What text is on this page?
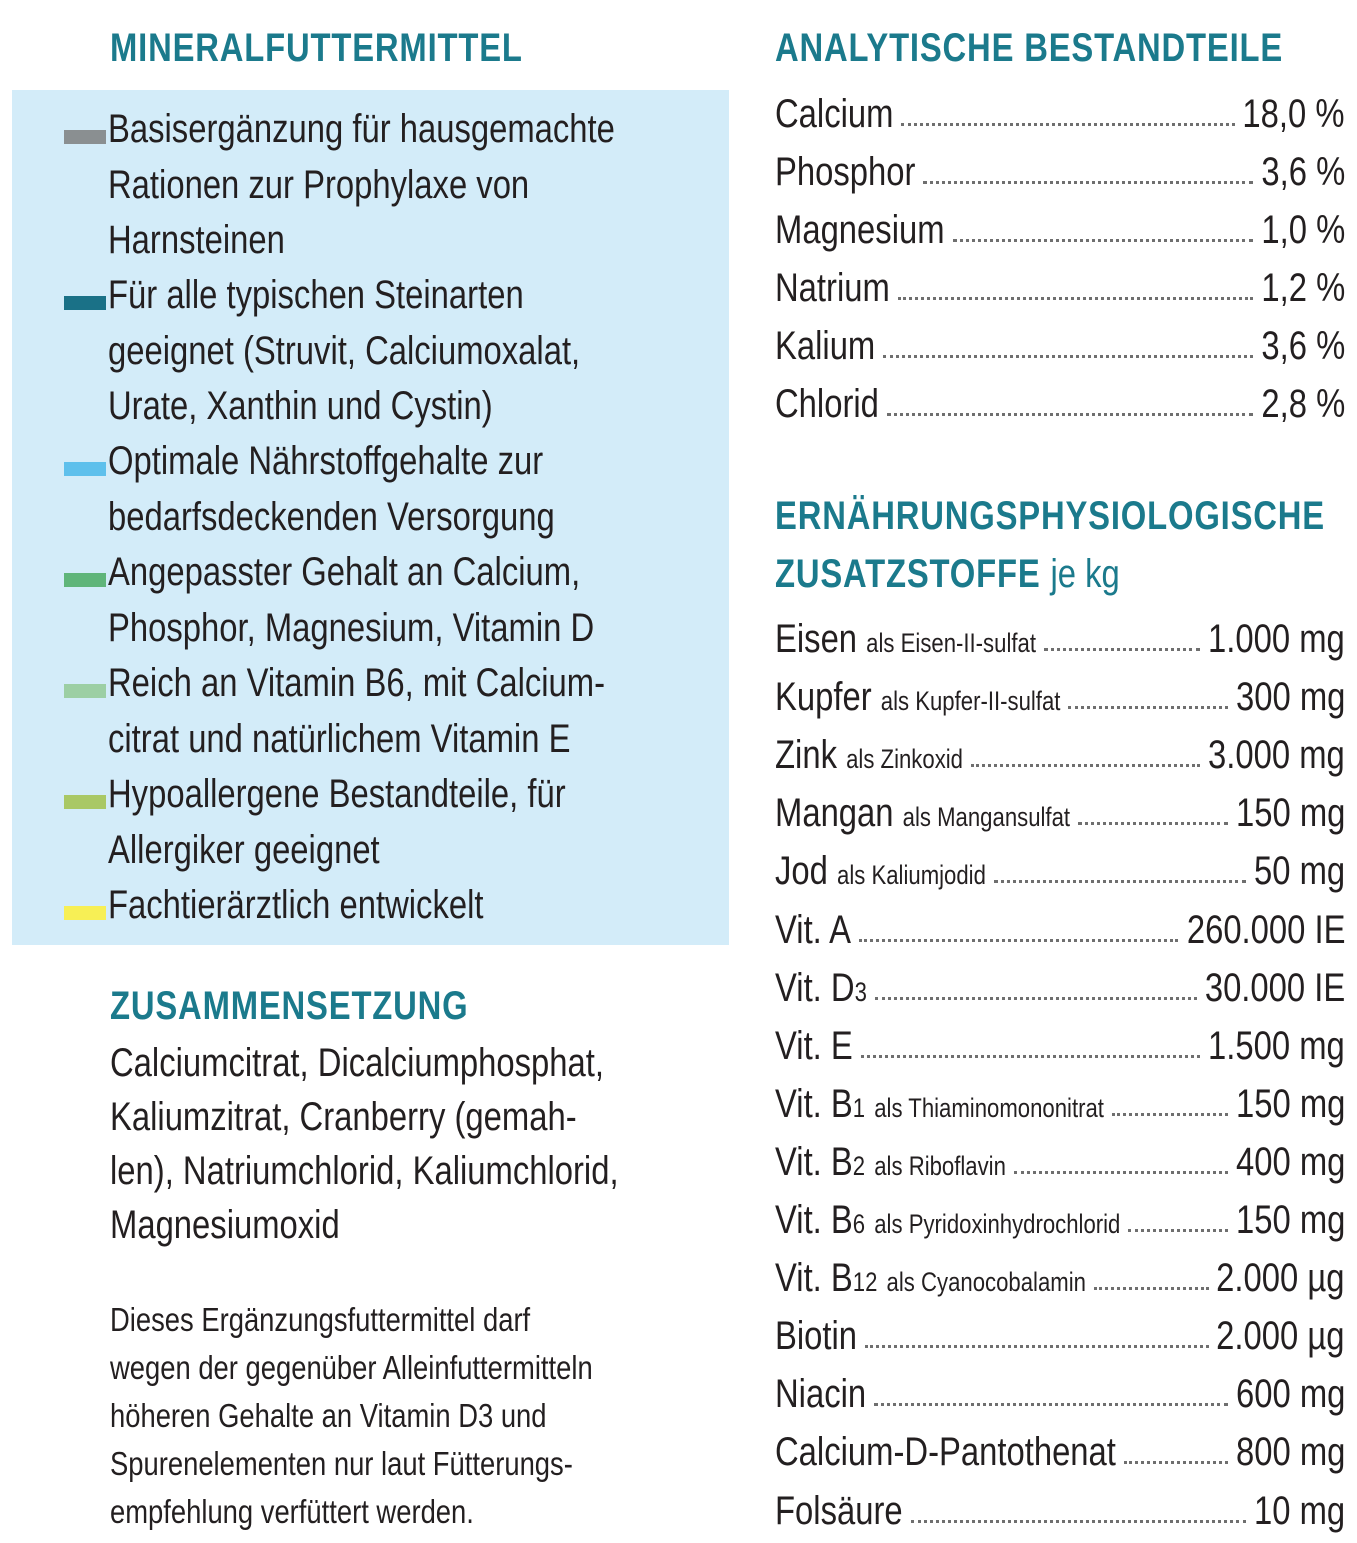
MINERALFUTTERMITTEL
Basisergänzung für hausgemachte
Rationen zur Prophylaxe von
Harnsteinen
Für alle typischen Steinarten
geeignet (Struvit, Calciumoxalat,
Urate, Xanthin und Cystin)
Optimale Nährstoffgehalte zur
bedarfsdeckenden Versorgung
Angepasster Gehalt an Calcium,
Phosphor, Magnesium, Vitamin D
Reich an Vitamin B6, mit Calcium-
citrat und natürlichem Vitamin E
Hypoallergene Bestandteile, für
Allergiker geeignet
Fachtierärztlich entwickelt
ZUSAMMENSETZUNG
Calciumcitrat, Dicalciumphosphat,
Kaliumzitrat, Cranberry (gemah-
len), Natriumchlorid, Kaliumchlorid,
Magnesiumoxid
Dieses Ergänzungsfuttermittel darf
wegen der gegenüber Alleinfuttermitteln
höheren Gehalte an Vitamin D3 und
Spurenelementen nur laut Fütterungs-
empfehlung verfüttert werden.
ANALYTISCHE BESTANDTEILE
Calcium	18,0 %
Phosphor	3,6 %
Magnesium	1,0 %
Natrium	1,2 %
Kalium	3,6 %
Chlorid	2,8 %
ERNÄHRUNGSPHYSIOLOGISCHE
ZUSATZSTOFFE je kg
Eisen als Eisen-II-sulfat	1.000 mg
Kupfer als Kupfer-II-sulfat	300 mg
Zink als Zinkoxid	3.000 mg
Mangan als Mangansulfat	150 mg
Jod als Kaliumjodid	50 mg
Vit. A	260.000 IE
Vit. D3	30.000 IE
Vit. E	1.500 mg
Vit. B1 als Thiaminomononitrat	150 mg
Vit. B2 als Riboflavin	400 mg
Vit. B6 als Pyridoxinhydrochlorid	150 mg
Vit. B12 als Cyanocobalamin	2.000 µg
Biotin	2.000 µg
Niacin	600 mg
Calcium-D-Pantothenat	800 mg
Folsäure	10 mg
